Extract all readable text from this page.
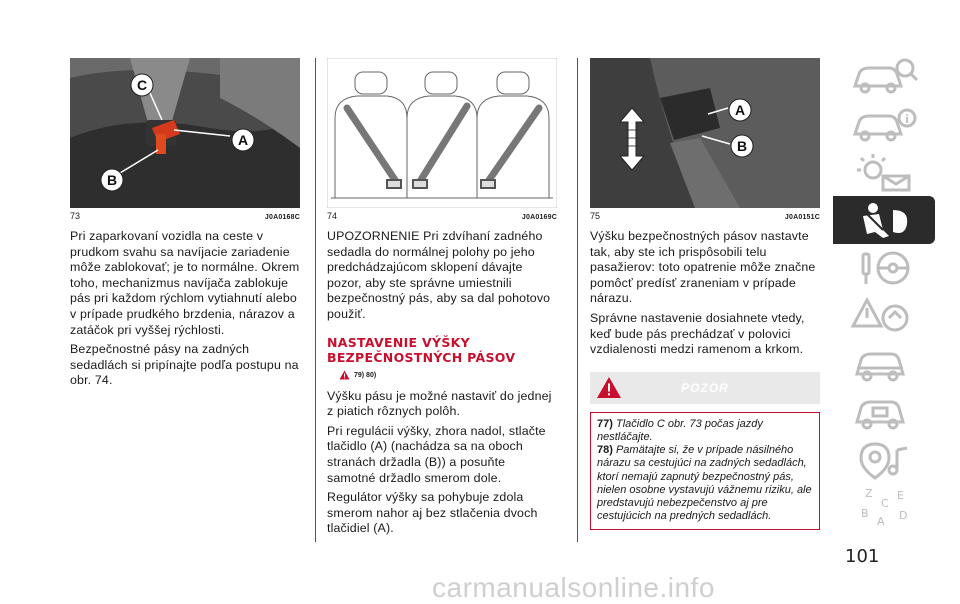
C
A
B
73	J0A0168C

Pri zaparkovaní vozidla na ceste v prudkom svahu sa navíjacie zariadenie môže zablokovať; je to normálne. Okrem toho, mechanizmus navíjača zablokuje pás pri každom rýchlom vytiahnutí alebo v prípade prudkého brzdenia, nárazov a zatáčok pri vyššej rýchlosti.

Bezpečnostné pásy na zadných sedadlách si pripínajte podľa postupu na obr. 74.

74	J0A0169C

UPOZORNENIE Pri zdvíhaní zadného sedadla do normálnej polohy po jeho predchádzajúcom sklopení dávajte pozor, aby ste správne umiestnili bezpečnostný pás, aby sa dal pohotovo použiť.

NASTAVENIE VÝŠKY BEZPEČNOSTNÝCH PÁSOV
79) 80)

Výšku pásu je možné nastaviť do jednej z piatich rôznych polôh.

Pri regulácii výšky, zhora nadol, stlačte tlačidlo (A) (nachádza sa na oboch stranách držadla (B)) a posuňte samotné držadlo smerom dole.

Regulátor výšky sa pohybuje zdola smerom nahor aj bez stlačenia dvoch tlačidiel (A).

A
B
75	J0A0151C

Výšku bezpečnostných pásov nastavte tak, aby ste ich prispôsobili telu pasažierov: toto opatrenie môže značne pomôcť predísť zraneniam v prípade nárazu.

Správne nastavenie dosiahnete vtedy, keď bude pás prechádzať v polovici vzdialenosti medzi ramenom a krkom.

POZOR
77) Tlačidlo C obr. 73 počas jazdy nestláčajte.
78) Pamätajte si, že v prípade násilného nárazu sa cestujúci na zadných sedadlách, ktorí nemajú zapnutý bezpečnostný pás, nielen osobne vystavujú vážnemu riziku, ale predstavujú nebezpečenstvo aj pre cestujúcich na predných sedadlách.
i
Z E
C
B
A D
101
carmanualsonline.info
